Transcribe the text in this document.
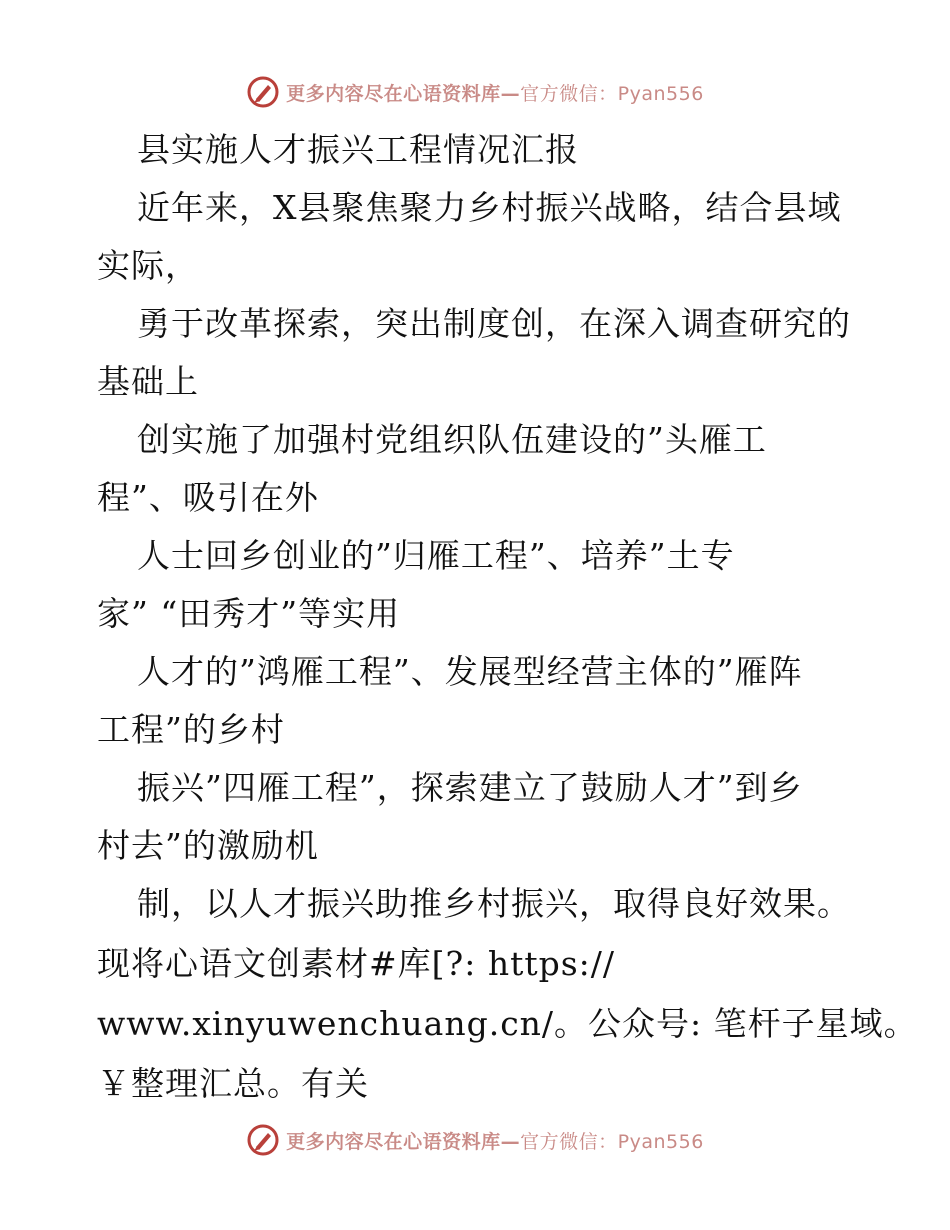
更多内容尽在心语资料库—官方微信：Pyan556
县实施人才振兴工程情况汇报
近年来，X县聚焦聚力乡村振兴战略，结合县域
实际，
勇于改革探索，突出制度创，在深入调查研究的
基础上
创实施了加强村党组织队伍建设的”头雁工
程”、吸引在外
人士回乡创业的”归雁工程”、培养”土专
家” “田秀才”等实用
人才的”鸿雁工程”、发展型经营主体的”雁阵
工程”的乡村
振兴”四雁工程”，探索建立了鼓励人才”到乡
村去”的激励机
制，以人才振兴助推乡村振兴，取得良好效果。
现将心语文创素材#库[?: https://
www.xinyuwenchuang.cn/。公众号: 笔杆子星域。
￥整理汇总。有关
更多内容尽在心语资料库—官方微信：Pyan556
